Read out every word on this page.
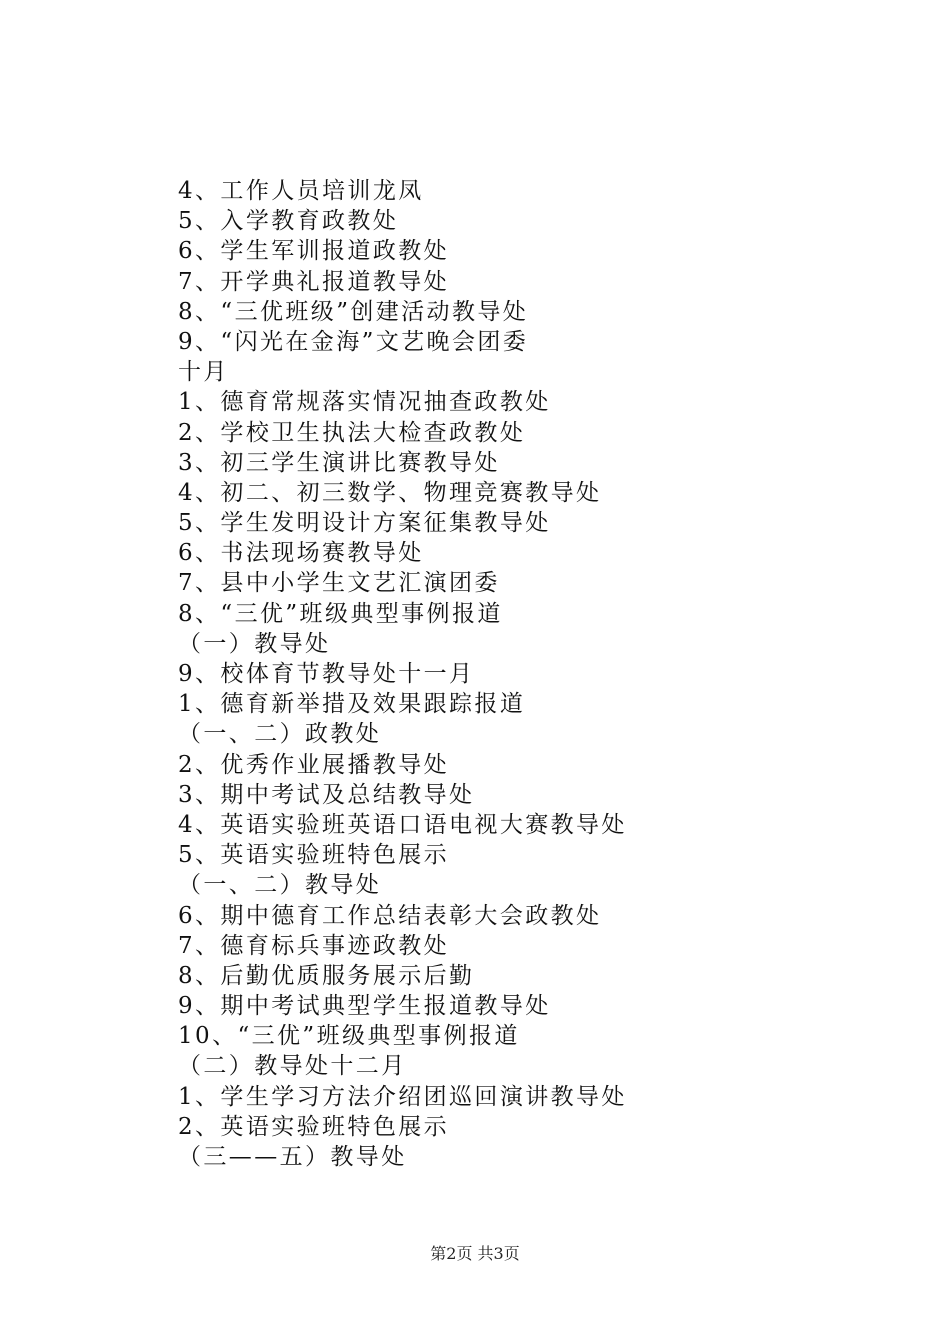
4、工作人员培训龙凤
5、入学教育政教处
6、学生军训报道政教处
7、开学典礼报道教导处
8、“三优班级”创建活动教导处
9、“闪光在金海”文艺晚会团委
十月
1、德育常规落实情况抽查政教处
2、学校卫生执法大检查政教处
3、初三学生演讲比赛教导处
4、初二、初三数学、物理竞赛教导处
5、学生发明设计方案征集教导处
6、书法现场赛教导处
7、县中小学生文艺汇演团委
8、“三优”班级典型事例报道
（一）教导处
9、校体育节教导处十一月
1、德育新举措及效果跟踪报道
（一、二）政教处
2、优秀作业展播教导处
3、期中考试及总结教导处
4、英语实验班英语口语电视大赛教导处
5、英语实验班特色展示
（一、二）教导处
6、期中德育工作总结表彰大会政教处
7、德育标兵事迹政教处
8、后勤优质服务展示后勤
9、期中考试典型学生报道教导处
10、“三优”班级典型事例报道
（二）教导处十二月
1、学生学习方法介绍团巡回演讲教导处
2、英语实验班特色展示
（三——五）教导处
第2页 共3页
